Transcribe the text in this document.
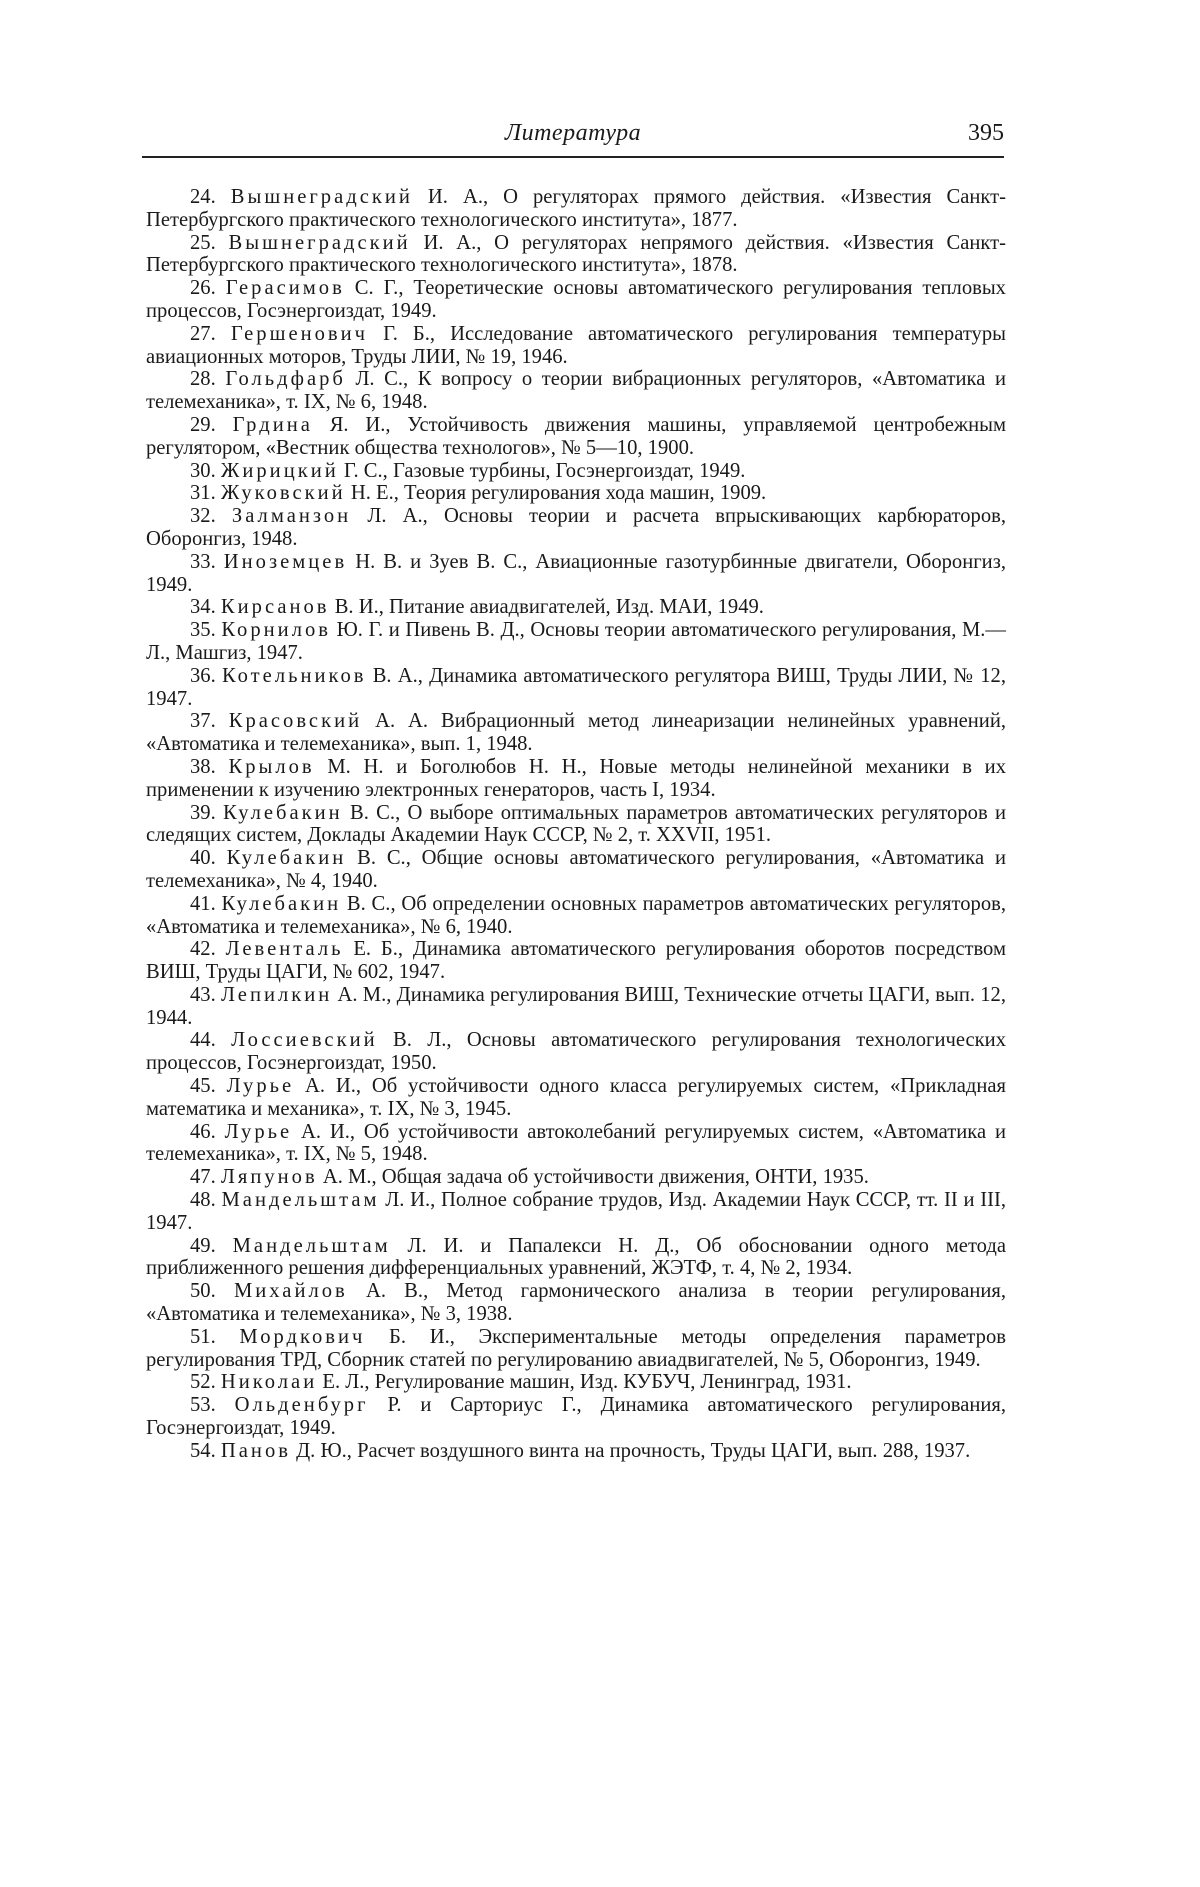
Литература	395

24. Вышнеградский И. А., О регуляторах прямого действия. «Известия Санкт-Петербургского практического технологического института», 1877.

25. Вышнеградский И. А., О регуляторах непрямого действия. «Известия Санкт-Петербургского практического технологического института», 1878.

26. Герасимов С. Г., Теоретические основы автоматического регулирования тепловых процессов, Госэнергоиздат, 1949.

27. Гершенович Г. Б., Исследование автоматического регулирования температуры авиационных моторов, Труды ЛИИ, № 19, 1946.

28. Гольдфарб Л. С., К вопросу о теории вибрационных регуляторов, «Автоматика и телемеханика», т. IX, № 6, 1948.

29. Грдина Я. И., Устойчивость движения машины, управляемой центробежным регулятором, «Вестник общества технологов», № 5—10, 1900.

30. Жирицкий Г. С., Газовые турбины, Госэнергоиздат, 1949.

31. Жуковский Н. Е., Теория регулирования хода машин, 1909.

32. Залманзон Л. А., Основы теории и расчета впрыскивающих карбюраторов, Оборонгиз, 1948.

33. Иноземцев Н. В. и Зуев В. С., Авиационные газотурбинные двигатели, Оборонгиз, 1949.

34. Кирсанов В. И., Питание авиадвигателей, Изд. МАИ, 1949.

35. Корнилов Ю. Г. и Пивень В. Д., Основы теории автоматического регулирования, М.—Л., Машгиз, 1947.

36. Котельников В. А., Динамика автоматического регулятора ВИШ, Труды ЛИИ, № 12, 1947.

37. Красовский А. А. Вибрационный метод линеаризации нелинейных уравнений, «Автоматика и телемеханика», вып. 1, 1948.

38. Крылов М. Н. и Боголюбов Н. Н., Новые методы нелинейной механики в их применении к изучению электронных генераторов, часть I, 1934.

39. Кулебакин В. С., О выборе оптимальных параметров автоматических регуляторов и следящих систем, Доклады Академии Наук СССР, № 2, т. XXVII, 1951.

40. Кулебакин В. С., Общие основы автоматического регулирования, «Автоматика и телемеханика», № 4, 1940.

41. Кулебакин В. С., Об определении основных параметров автоматических регуляторов, «Автоматика и телемеханика», № 6, 1940.

42. Левенталь Е. Б., Динамика автоматического регулирования оборотов посредством ВИШ, Труды ЦАГИ, № 602, 1947.

43. Лепилкин А. М., Динамика регулирования ВИШ, Технические отчеты ЦАГИ, вып. 12, 1944.

44. Лоссиевский В. Л., Основы автоматического регулирования технологических процессов, Госэнергоиздат, 1950.

45. Лурье А. И., Об устойчивости одного класса регулируемых систем, «Прикладная математика и механика», т. IX, № 3, 1945.

46. Лурье А. И., Об устойчивости автоколебаний регулируемых систем, «Автоматика и телемеханика», т. IX, № 5, 1948.

47. Ляпунов А. М., Общая задача об устойчивости движения, ОНТИ, 1935.

48. Мандельштам Л. И., Полное собрание трудов, Изд. Академии Наук СССР, тт. II и III, 1947.

49. Мандельштам Л. И. и Папалекси Н. Д., Об обосновании одного метода приближенного решения дифференциальных уравнений, ЖЭТФ, т. 4, № 2, 1934.

50. Михайлов А. В., Метод гармонического анализа в теории регулирования, «Автоматика и телемеханика», № 3, 1938.

51. Мордкович Б. И., Экспериментальные методы определения параметров регулирования ТРД, Сборник статей по регулированию авиадвигателей, № 5, Оборонгиз, 1949.

52. Николаи Е. Л., Регулирование машин, Изд. КУБУЧ, Ленинград, 1931.

53. Ольденбург Р. и Сарториус Г., Динамика автоматического регулирования, Госэнергоиздат, 1949.

54. Панов Д. Ю., Расчет воздушного винта на прочность, Труды ЦАГИ, вып. 288, 1937.
